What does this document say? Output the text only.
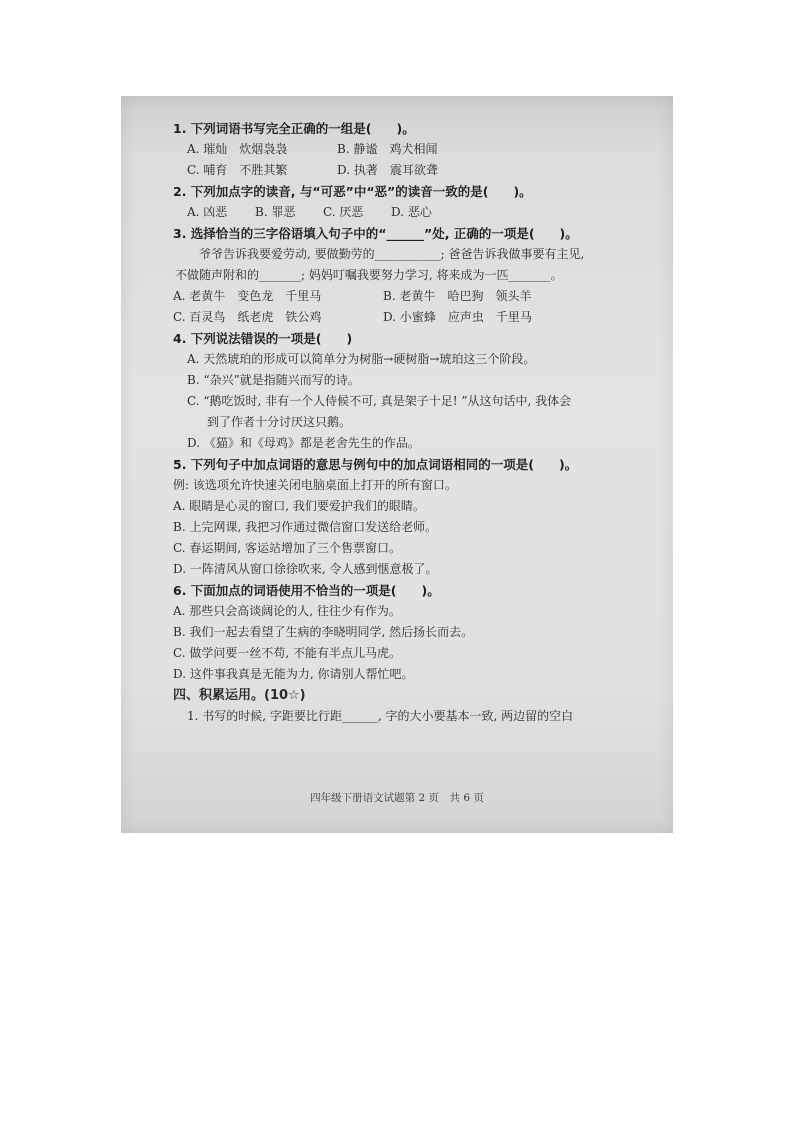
1. 下列词语书写完全正确的一组是(　　)。
A. 璀灿　炊烟袅袅	B. 静谧　鸡犬相闻
C. 哺育　不胜其繁	D. 执著　震耳欲聋
2. 下列加点字的读音, 与“可恶”中“恶”的读音一致的是(　　)。
A. 凶恶 B. 罪恶 C. 厌恶 D. 恶心
3. 选择恰当的三字俗语填入句子中的“______”处, 正确的一项是(　　)。
爷爷告诉我要爱劳动, 要做勤劳的___________; 爸爸告诉我做事要有主见,
不做随声附和的_______; 妈妈叮嘱我要努力学习, 将来成为一匹_______。
A. 老黄牛　变色龙　千里马	B. 老黄牛　哈巴狗　领头羊
C. 百灵鸟　纸老虎　铁公鸡	D. 小蜜蜂　应声虫　千里马
4. 下列说法错误的一项是(　　)
A. 天然琥珀的形成可以简单分为树脂→硬树脂→琥珀这三个阶段。
B. “杂兴”就是指随兴而写的诗。
C. “鹅吃饭时, 非有一个人侍候不可, 真是架子十足! ”从这句话中, 我体会
到了作者十分讨厌这只鹅。
D. 《猫》和《母鸡》都是老舍先生的作品。
5. 下列句子中加点词语的意思与例句中的加点词语相同的一项是(　　)。
例: 该选项允许快速关闭电脑桌面上打开的所有窗口。
A. 眼睛是心灵的窗口, 我们要爱护我们的眼睛。
B. 上完网课, 我把习作通过微信窗口发送给老师。
C. 春运期间, 客运站增加了三个售票窗口。
D. 一阵清风从窗口徐徐吹来, 令人感到惬意极了。
6. 下面加点的词语使用不恰当的一项是(　　)。
A. 那些只会高谈阔论的人, 往往少有作为。
B. 我们一起去看望了生病的李晓明同学, 然后扬长而去。
C. 做学问要一丝不苟, 不能有半点儿马虎。
D. 这件事我真是无能为力, 你请别人帮忙吧。
四、积累运用。(10☆)
1. 书写的时候, 字距要比行距______, 字的大小要基本一致, 两边留的空白
四年级下册语文试题第 2 页　共 6 页
